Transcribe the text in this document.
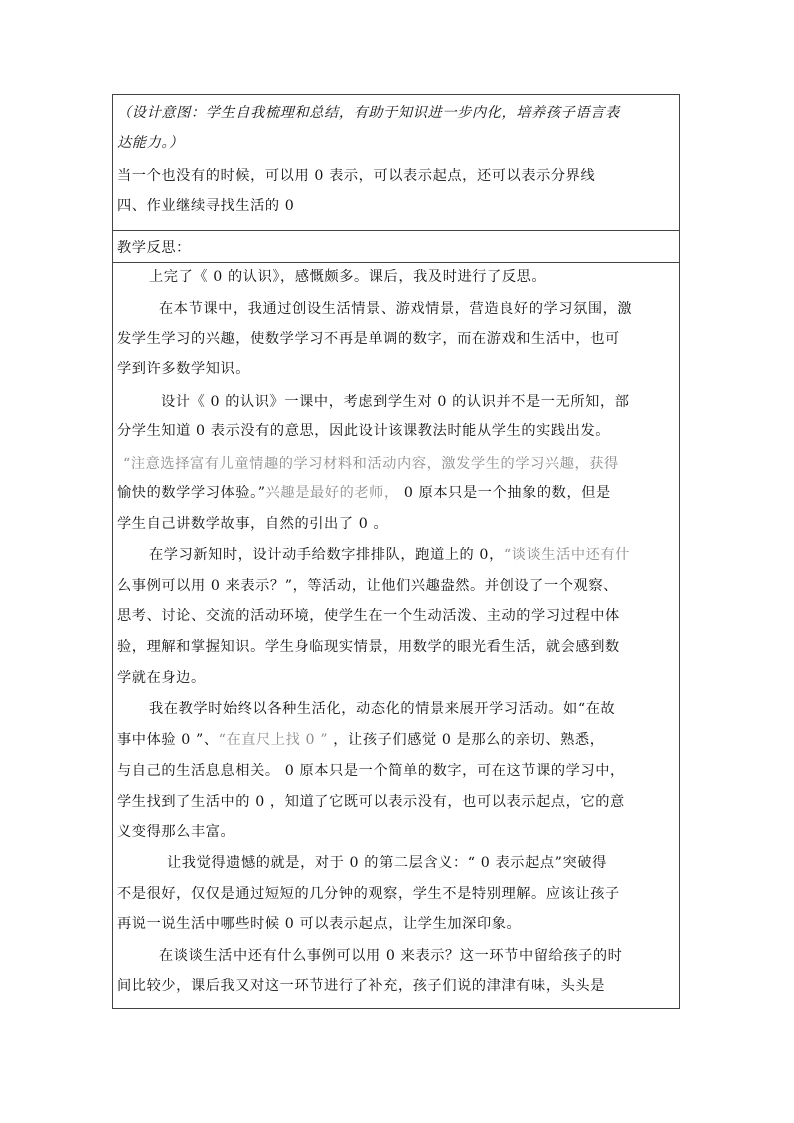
（设计意图：学生自我梳理和总结，有助于知识进一步内化，培养孩子语言表
达能力。）
当一个也没有的时候，可以用 0 表示，可以表示起点，还可以表示分界线
四、作业继续寻找生活的 0
教学反思：
上完了《 0 的认识》，感慨颇多。课后，我及时进行了反思。
在本节课中，我通过创设生活情景、游戏情景，营造良好的学习氛围，激
发学生学习的兴趣，使数学学习不再是单调的数字，而在游戏和生活中，也可
学到许多数学知识。
设计《 0 的认识》一课中，考虑到学生对 0 的认识并不是一无所知，部
分学生知道 0 表示没有的意思，因此设计该课教法时能从学生的实践出发。
“注意选择富有儿童情趣的学习材料和活动内容，激发学生的学习兴趣，获得
愉快的数学学习体验。”兴趣是最好的老师， 0 原本只是一个抽象的数，但是
学生自己讲数学故事，自然的引出了 0 。
在学习新知时，设计动手给数字排排队，跑道上的 0，“谈谈生活中还有什
么事例可以用 0 来表示？”，等活动，让他们兴趣盎然。并创设了一个观察、
思考、讨论、交流的活动环境，使学生在一个生动活泼、主动的学习过程中体
验，理解和掌握知识。学生身临现实情景，用数学的眼光看生活，就会感到数
学就在身边。
我在教学时始终以各种生活化，动态化的情景来展开学习活动。如“在故
事中体验 0 ”、“在直尺上找 0 ” ，让孩子们感觉 0 是那么的亲切、熟悉，
与自己的生活息息相关。 0 原本只是一个简单的数字，可在这节课的学习中，
学生找到了生活中的 0 ，知道了它既可以表示没有，也可以表示起点，它的意
义变得那么丰富。
让我觉得遗憾的就是，对于 0 的第二层含义：“ 0 表示起点”突破得
不是很好，仅仅是通过短短的几分钟的观察，学生不是特别理解。应该让孩子
再说一说生活中哪些时候 0 可以表示起点，让学生加深印象。
在谈谈生活中还有什么事例可以用 0 来表示？这一环节中留给孩子的时
间比较少，课后我又对这一环节进行了补充，孩子们说的津津有味，头头是
